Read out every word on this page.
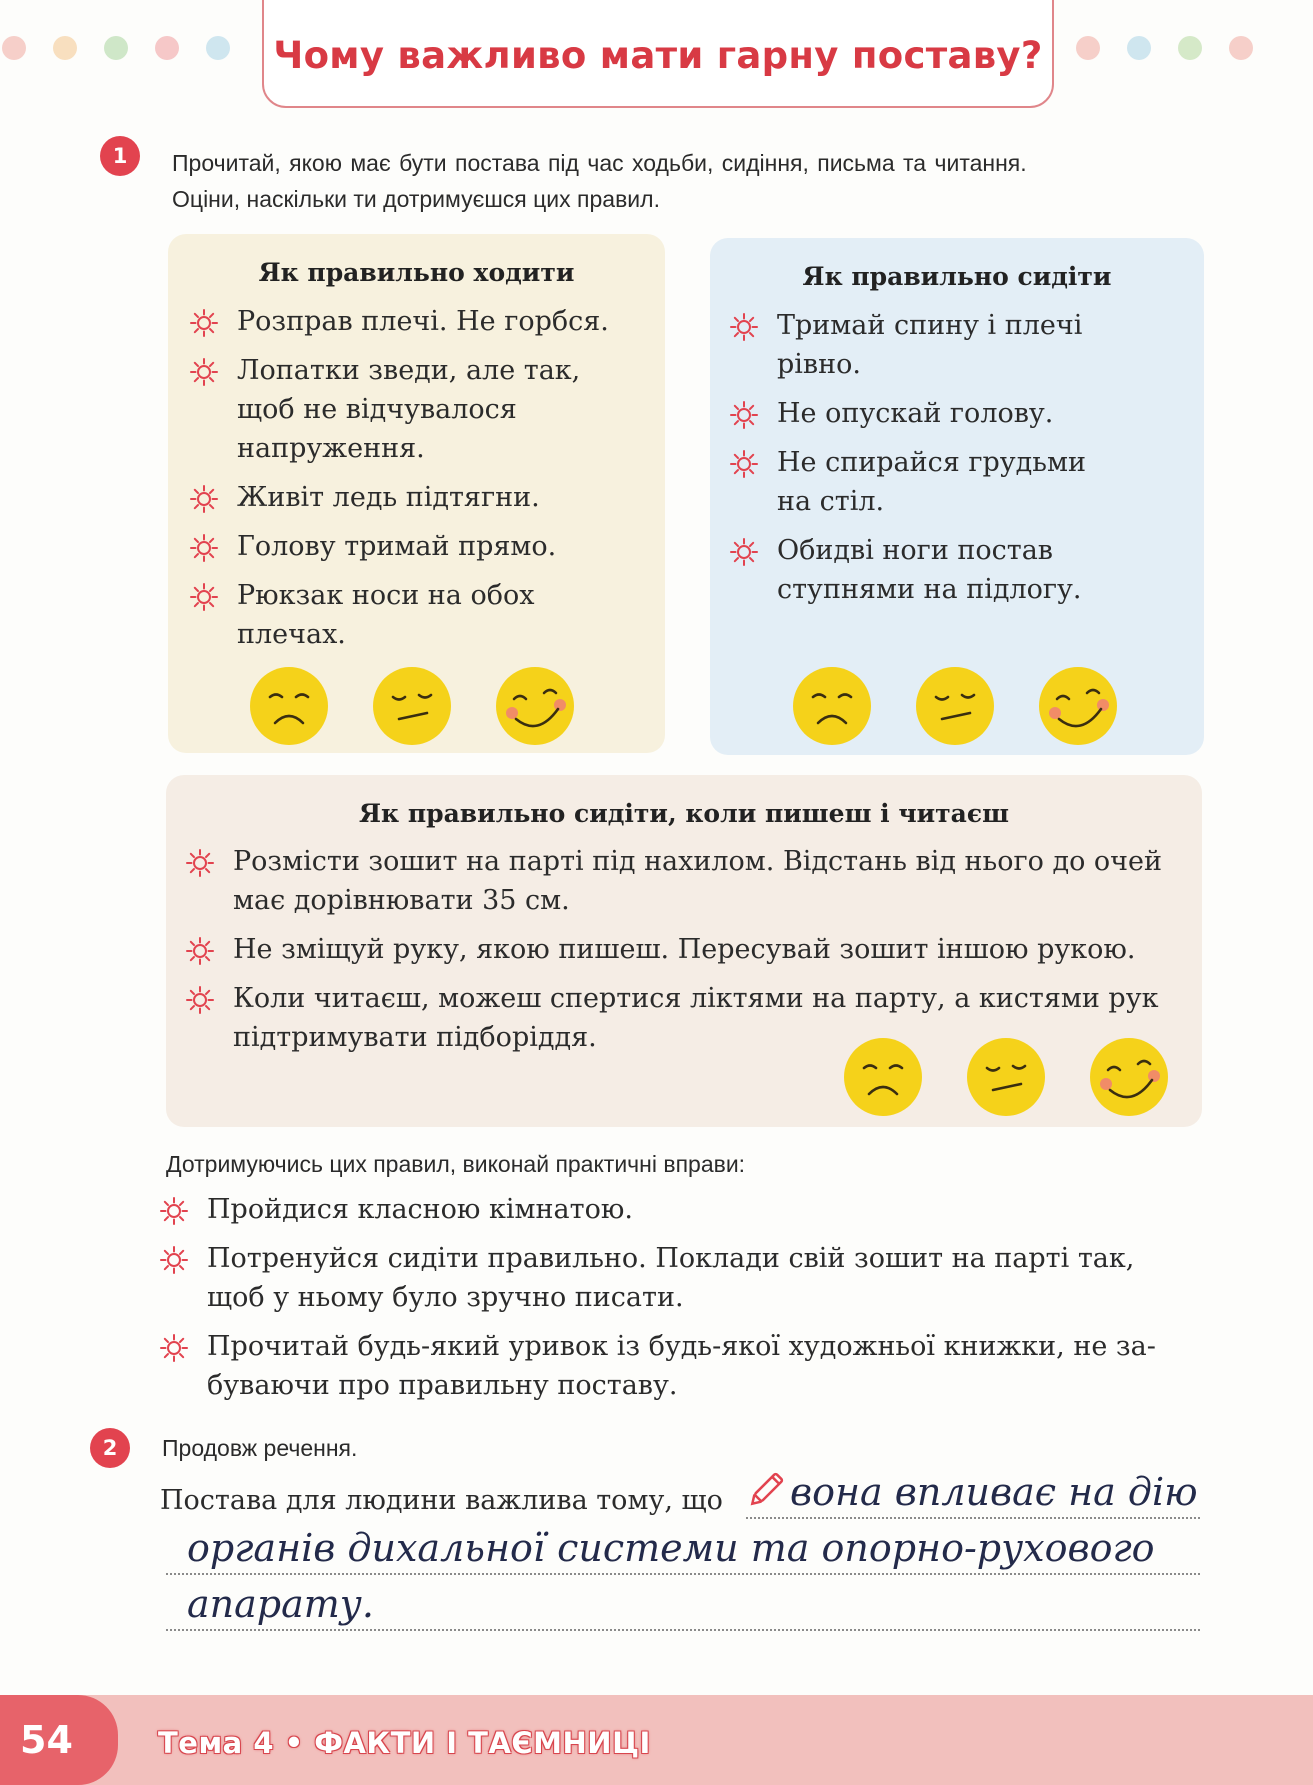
Чому важливо мати гарну поставу?
1	Прочитай, якою має бути постава під час ходьби, сидіння, письма та читання.
Оціни, наскільки ти дотримуєшся цих правил.
Як правильно ходити
Розправ плечі. Не горбся.
Лопатки зведи, але так,
щоб не відчувалося
напруження.
Живіт ледь підтягни.
Голову тримай прямо.
Рюкзак носи на обох
плечах.
Як правильно сидіти
Тримай спину і плечі
рівно.
Не опускай голову.
Не спирайся грудьми
на стіл.
Обидві ноги постав
ступнями на підлогу.
Як правильно сидіти, коли пишеш і читаєш
Розмісти зошит на парті під нахилом. Відстань від нього до очей
має дорівнювати 35 см.
Не зміщуй руку, якою пишеш. Пересувай зошит іншою рукою.
Коли читаєш, можеш спертися ліктями на парту, а кистями рук
підтримувати підборіддя.
Дотримуючись цих правил, виконай практичні вправи:
Пройдися класною кімнатою.
Потренуйся сидіти правильно. Поклади свій зошит на парті так,
щоб у ньому було зручно писати.
Прочитай будь-який уривок із будь-якої художньої книжки, не за-
буваючи про правильну поставу.
2	Продовж речення.
Постава для людини важлива тому, що вона впливає на дію
органів дихальної системи та опорно-рухового
апарату.
54	Тема 4 • ФАКТИ І ТАЄМНИЦІ
